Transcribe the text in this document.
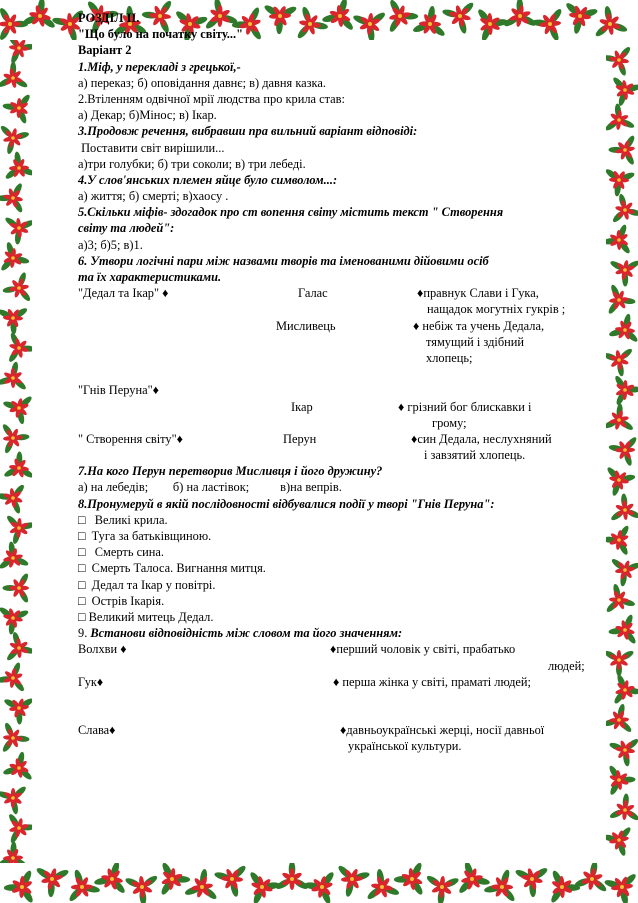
РОЗДІЛ ІІ.
"Що було на початку світу..."
Варіант 2
1.Міф, у перекладі з грецької,-
а) переказ; б) оповідання давнє; в) давня казка.
2.Втіленням одвічної мрії людства про крила став:
а) Декар; б)Мінос; в) Ікар.
3.Продовж речення, вибравши пра вильний варіант відповіді:
Поставити світ вирішили...
а)три голубки; б) три соколи; в) три лебеді.
4.У слов'янських племен яйце було символом...:
а) життя; б) смерті; в)хаосу .
5.Скільки міфів- здогадок про ст вопення світу містить текст " Створення
світу та людей":
а)3; б)5; в)1.
6. Утвори логічні пари між назвами творів та іменованими дійовими осіб
та їх характеристиками.
"Дедал та Ікар" ♦	Галас	♦правнук Слави і Гука,
нащадок могутніх гукрів ;
Мисливець	♦ небіж та учень Дедала,
тямущий і здібний
хлопець;
"Гнів Перуна"♦
Ікар	♦ грізний бог блискавки і
грому;
" Створення світу"♦	Перун	♦син Дедала, неслухняний
і завзятий хлопець.
7.На кого Перун перетворив Мисливця і його дружину?
а) на лебедів;        б) на ластівок;          в)на вепрів.
8.Пронумеруй в якій послідовності відбувалися події у творі "Гнів Перуна":
□   Великі крила.
□  Туга за батьківщиною.
□   Смерть сина.
□  Смерть Талоса. Вигнання митця.
□  Дедал та Ікар у повітрі.
□  Острів Ікарія.
□ Великий митець Дедал.
9. Встанови відповідність між словом та його значенням:
Волхви ♦	♦перший чоловік у світі, прабатько
людей;
Гук♦	♦ перша жінка у світі, праматі людей;
Слава♦	♦давньоукраїнські жерці, носії давньої
української культури.
